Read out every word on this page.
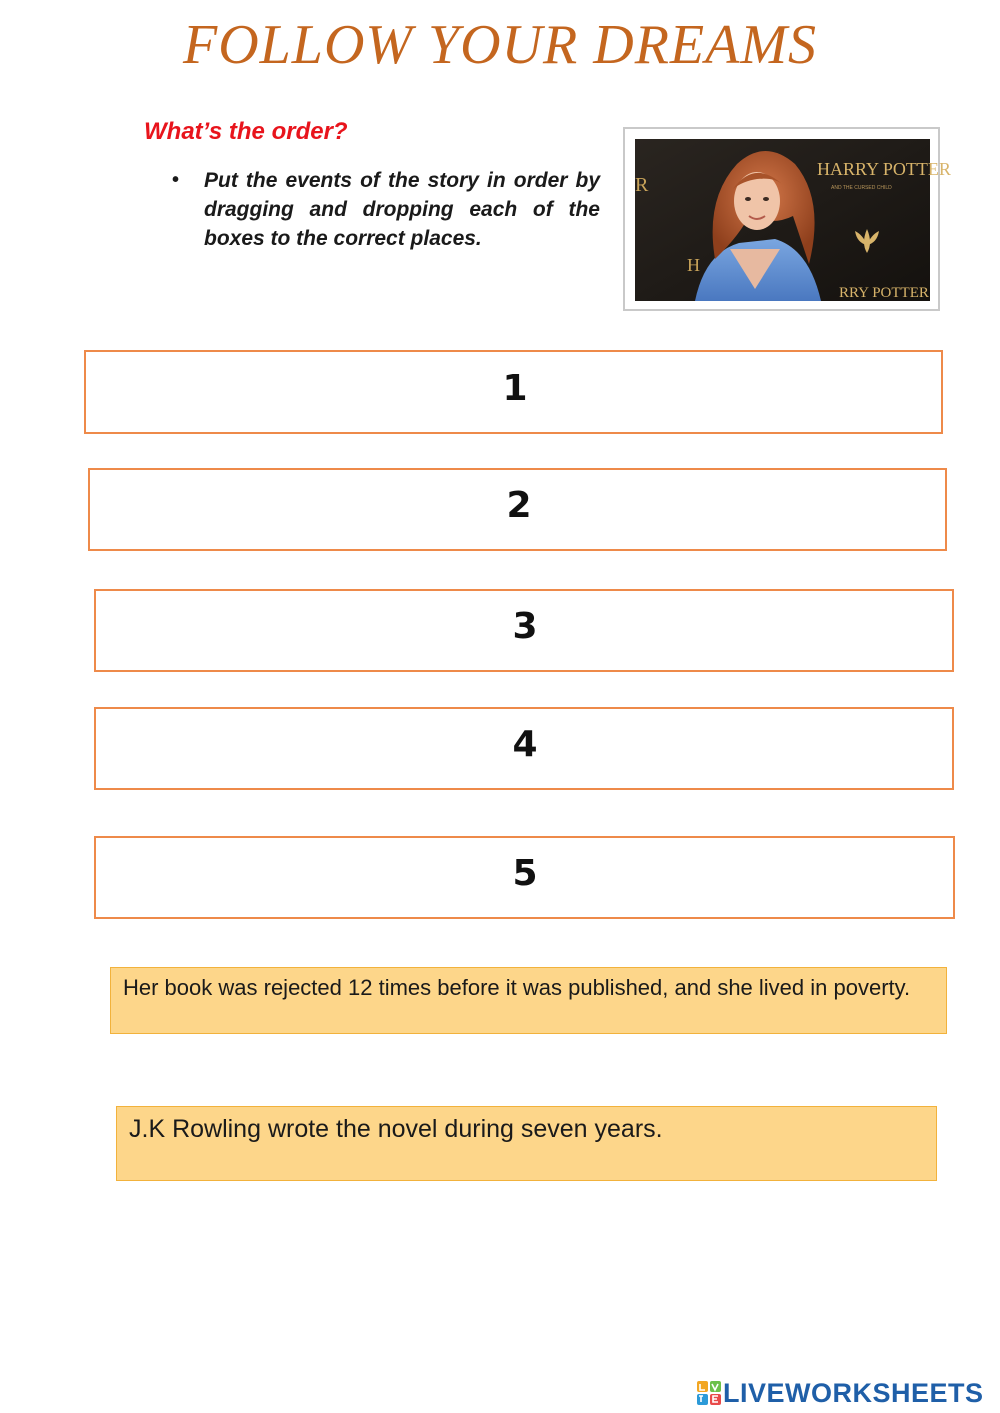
FOLLOW YOUR DREAMS
What’s the order?
• Put the events of the story in order by dragging and dropping each of the boxes to the correct places.
R
H
HARRY POTTER
AND THE CURSED CHILD
RRY POTTER
1
2
3
4
5
Her book was rejected 12 times before it was published, and she lived in poverty.
J.K Rowling wrote the novel during seven years.
LIVEWORKSHEETS
